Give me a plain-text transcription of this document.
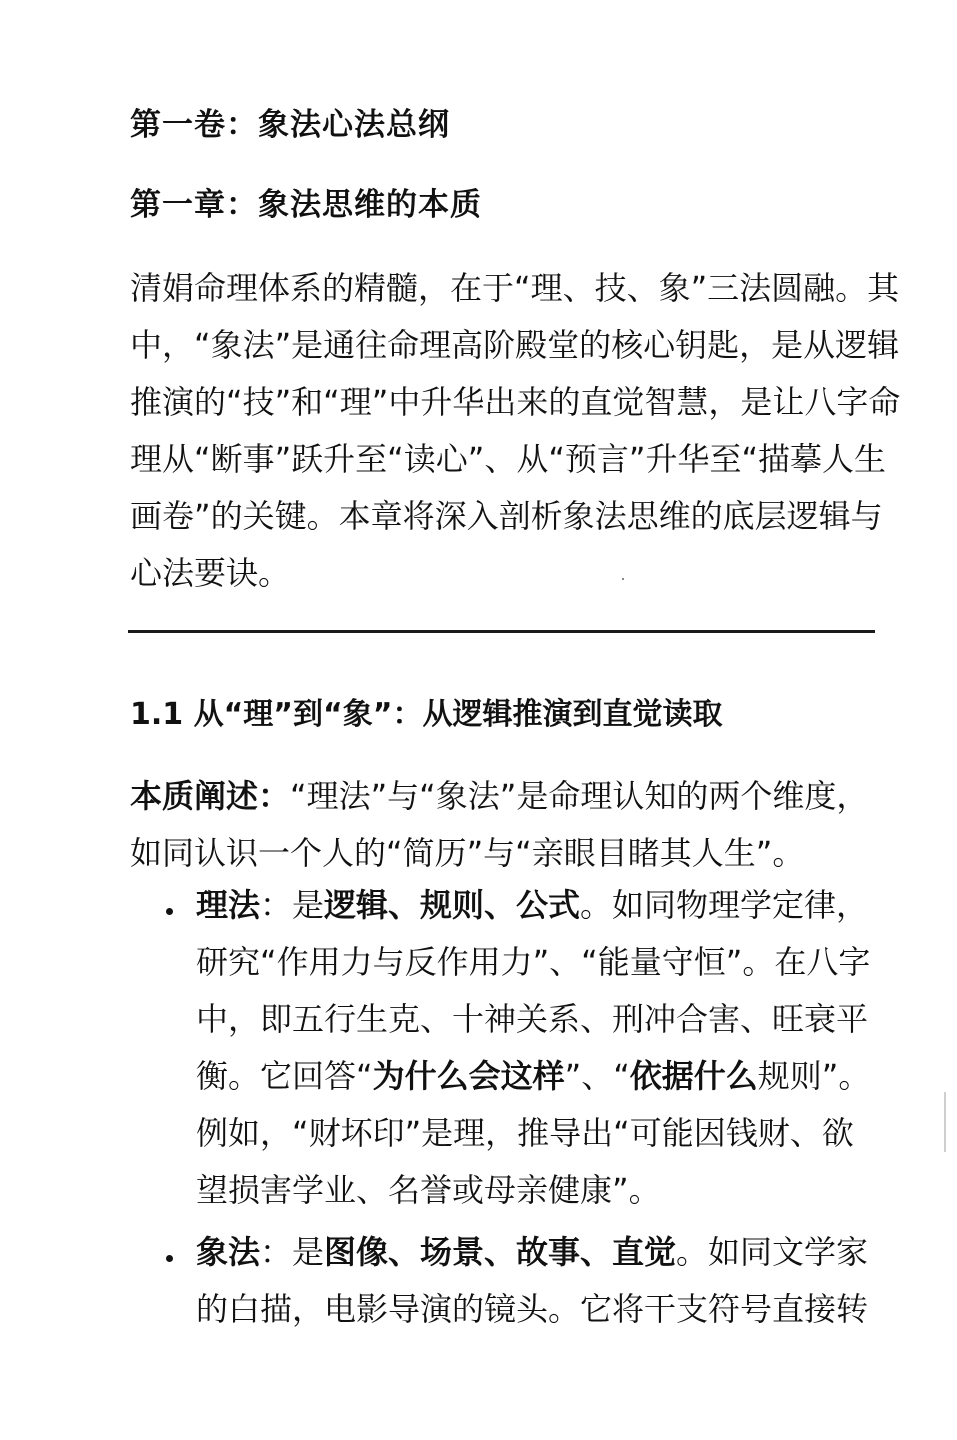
第一卷：象法心法总纲
第一章：象法思维的本质
清娟命理体系的精髓，在于“理、技、象”三法圆融。其
中，“象法”是通往命理高阶殿堂的核心钥匙，是从逻辑
推演的“技”和“理”中升华出来的直觉智慧，是让八字命
理从“断事”跃升至“读心”、从“预言”升华至“描摹人生
画卷”的关键。本章将深入剖析象法思维的底层逻辑与
心法要诀。
1.1 从“理”到“象”：从逻辑推演到直觉读取
本质阐述：“理法”与“象法”是命理认知的两个维度，
如同认识一个人的“简历”与“亲眼目睹其人生”。
理法：是逻辑、规则、公式。如同物理学定律，
研究“作用力与反作用力”、“能量守恒”。在八字
中，即五行生克、十神关系、刑冲合害、旺衰平
衡。它回答“为什么会这样”、“依据什么规则”。
例如，“财坏印”是理，推导出“可能因钱财、欲
望损害学业、名誉或母亲健康”。
象法：是图像、场景、故事、直觉。如同文学家
的白描，电影导演的镜头。它将干支符号直接转
